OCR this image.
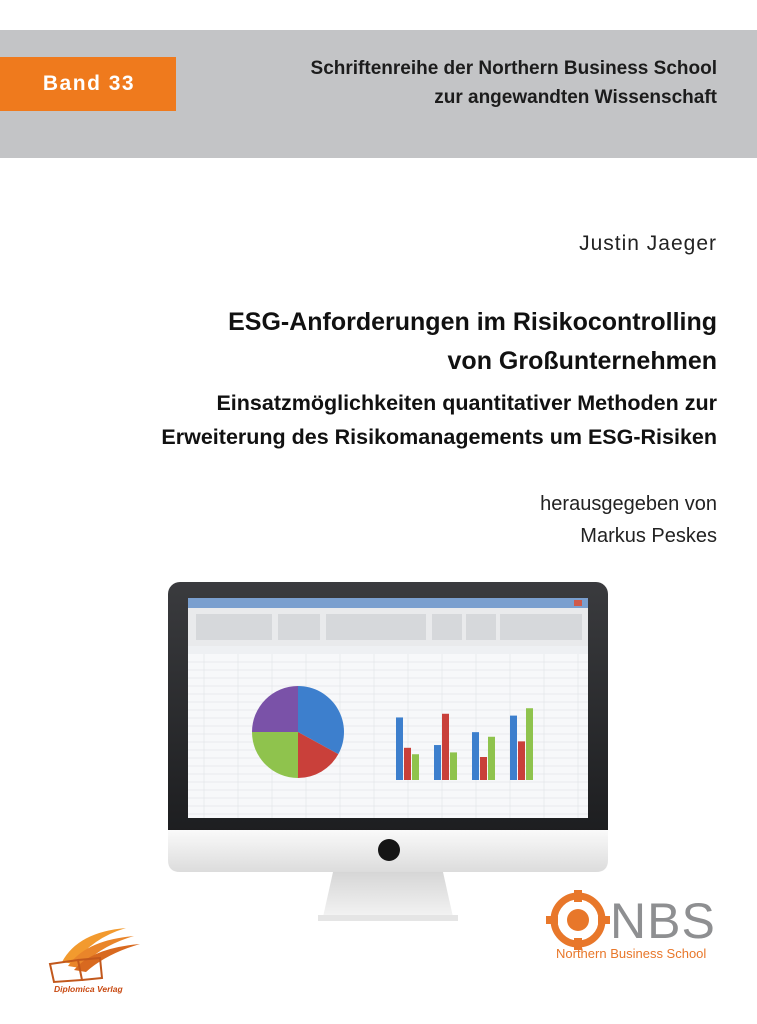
Band 33
Schriftenreihe der Northern Business School
zur angewandten Wissenschaft
Justin Jaeger
ESG-Anforderungen im Risikocontrolling
von Großunternehmen
Einsatzmöglichkeiten quantitativer Methoden zur
Erweiterung des Risikomanagements um ESG-Risiken
herausgegeben von
Markus Peskes
Diplomica Verlag
NBS
Northern Business School
